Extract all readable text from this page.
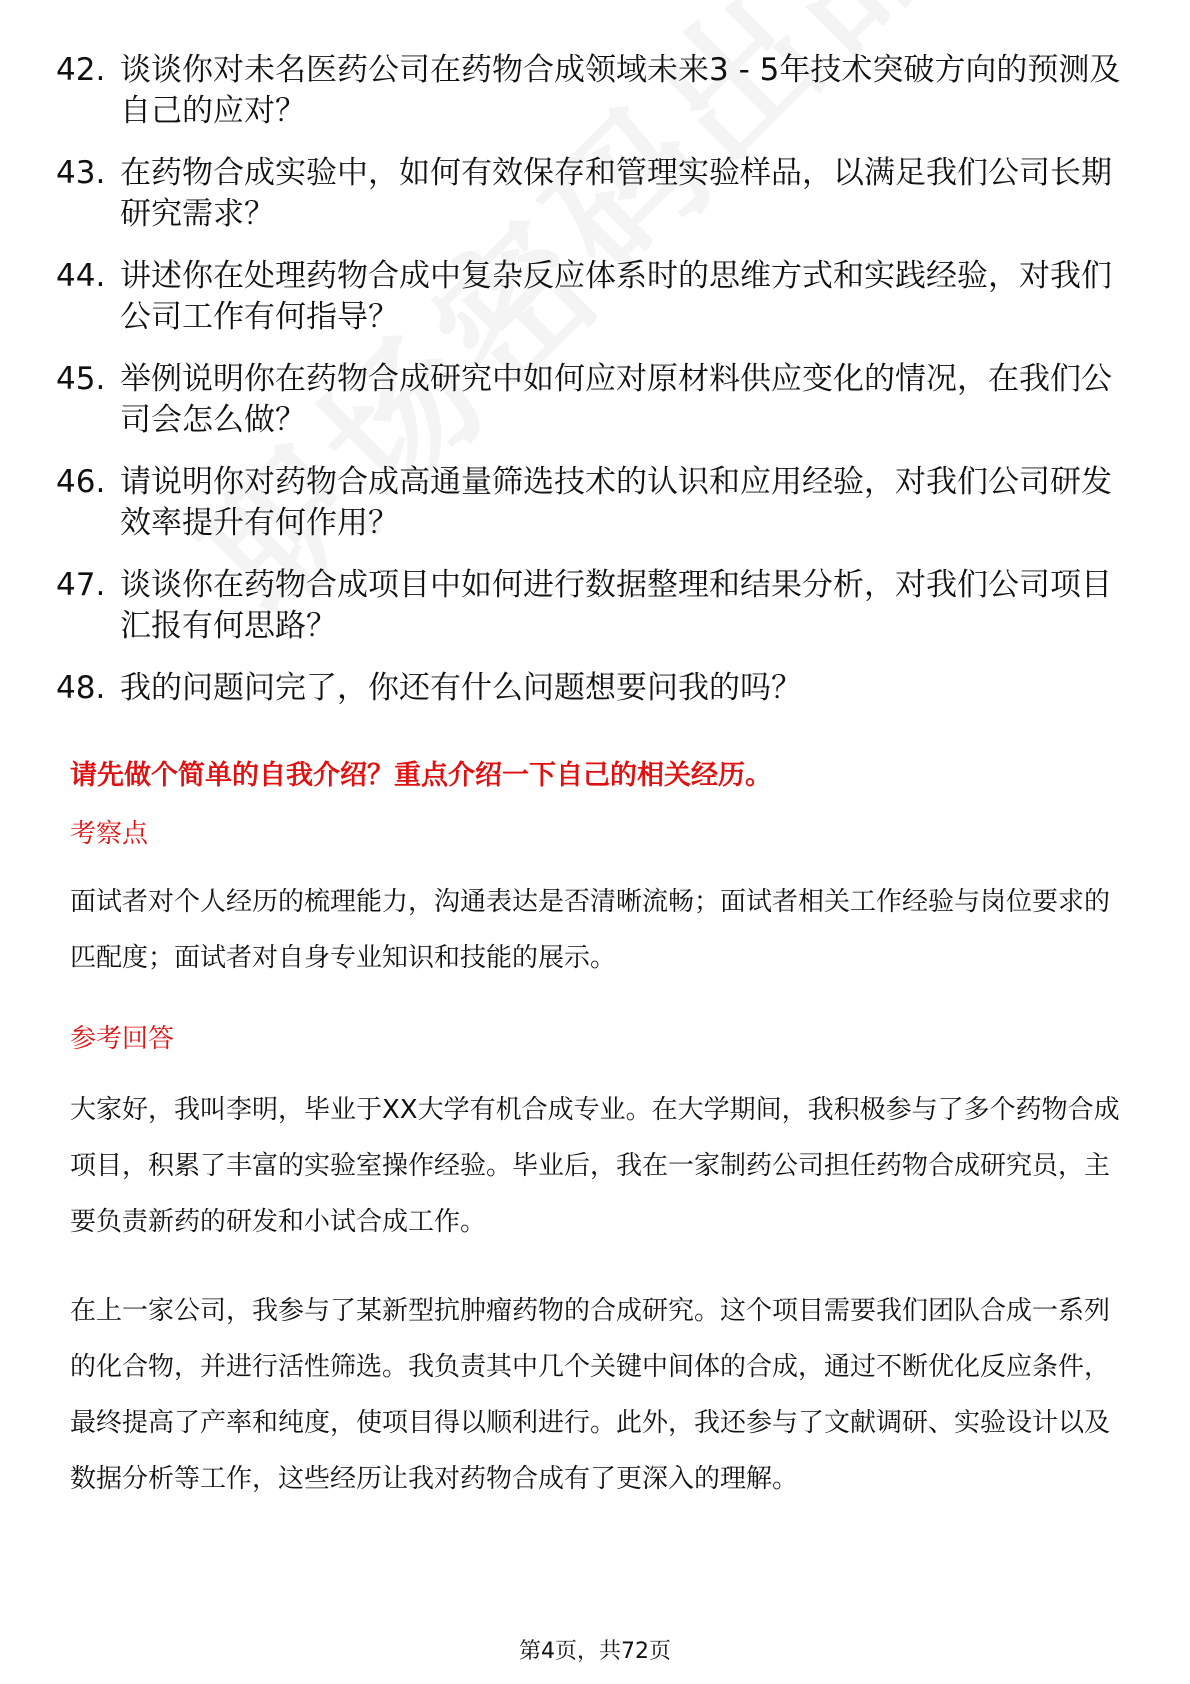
42. 谈谈你对未名医药公司在药物合成领域未来3 - 5年技术突破方向的预测及自己的应对？
43. 在药物合成实验中，如何有效保存和管理实验样品，以满足我们公司长期研究需求？
44. 讲述你在处理药物合成中复杂反应体系时的思维方式和实践经验，对我们公司工作有何指导？
45. 举例说明你在药物合成研究中如何应对原材料供应变化的情况，在我们公司会怎么做？
46. 请说明你对药物合成高通量筛选技术的认识和应用经验，对我们公司研发效率提升有何作用？
47. 谈谈你在药物合成项目中如何进行数据整理和结果分析，对我们公司项目汇报有何思路？
48. 我的问题问完了，你还有什么问题想要问我的吗？
请先做个简单的自我介绍？重点介绍一下自己的相关经历。
考察点
面试者对个人经历的梳理能力，沟通表达是否清晰流畅；面试者相关工作经验与岗位要求的匹配度；面试者对自身专业知识和技能的展示。
参考回答
大家好，我叫李明，毕业于XX大学有机合成专业。在大学期间，我积极参与了多个药物合成项目，积累了丰富的实验室操作经验。毕业后，我在一家制药公司担任药物合成研究员，主要负责新药的研发和小试合成工作。
在上一家公司，我参与了某新型抗肿瘤药物的合成研究。这个项目需要我们团队合成一系列的化合物，并进行活性筛选。我负责其中几个关键中间体的合成，通过不断优化反应条件，最终提高了产率和纯度，使项目得以顺利进行。此外，我还参与了文献调研、实验设计以及数据分析等工作，这些经历让我对药物合成有了更深入的理解。
第4页，共72页
